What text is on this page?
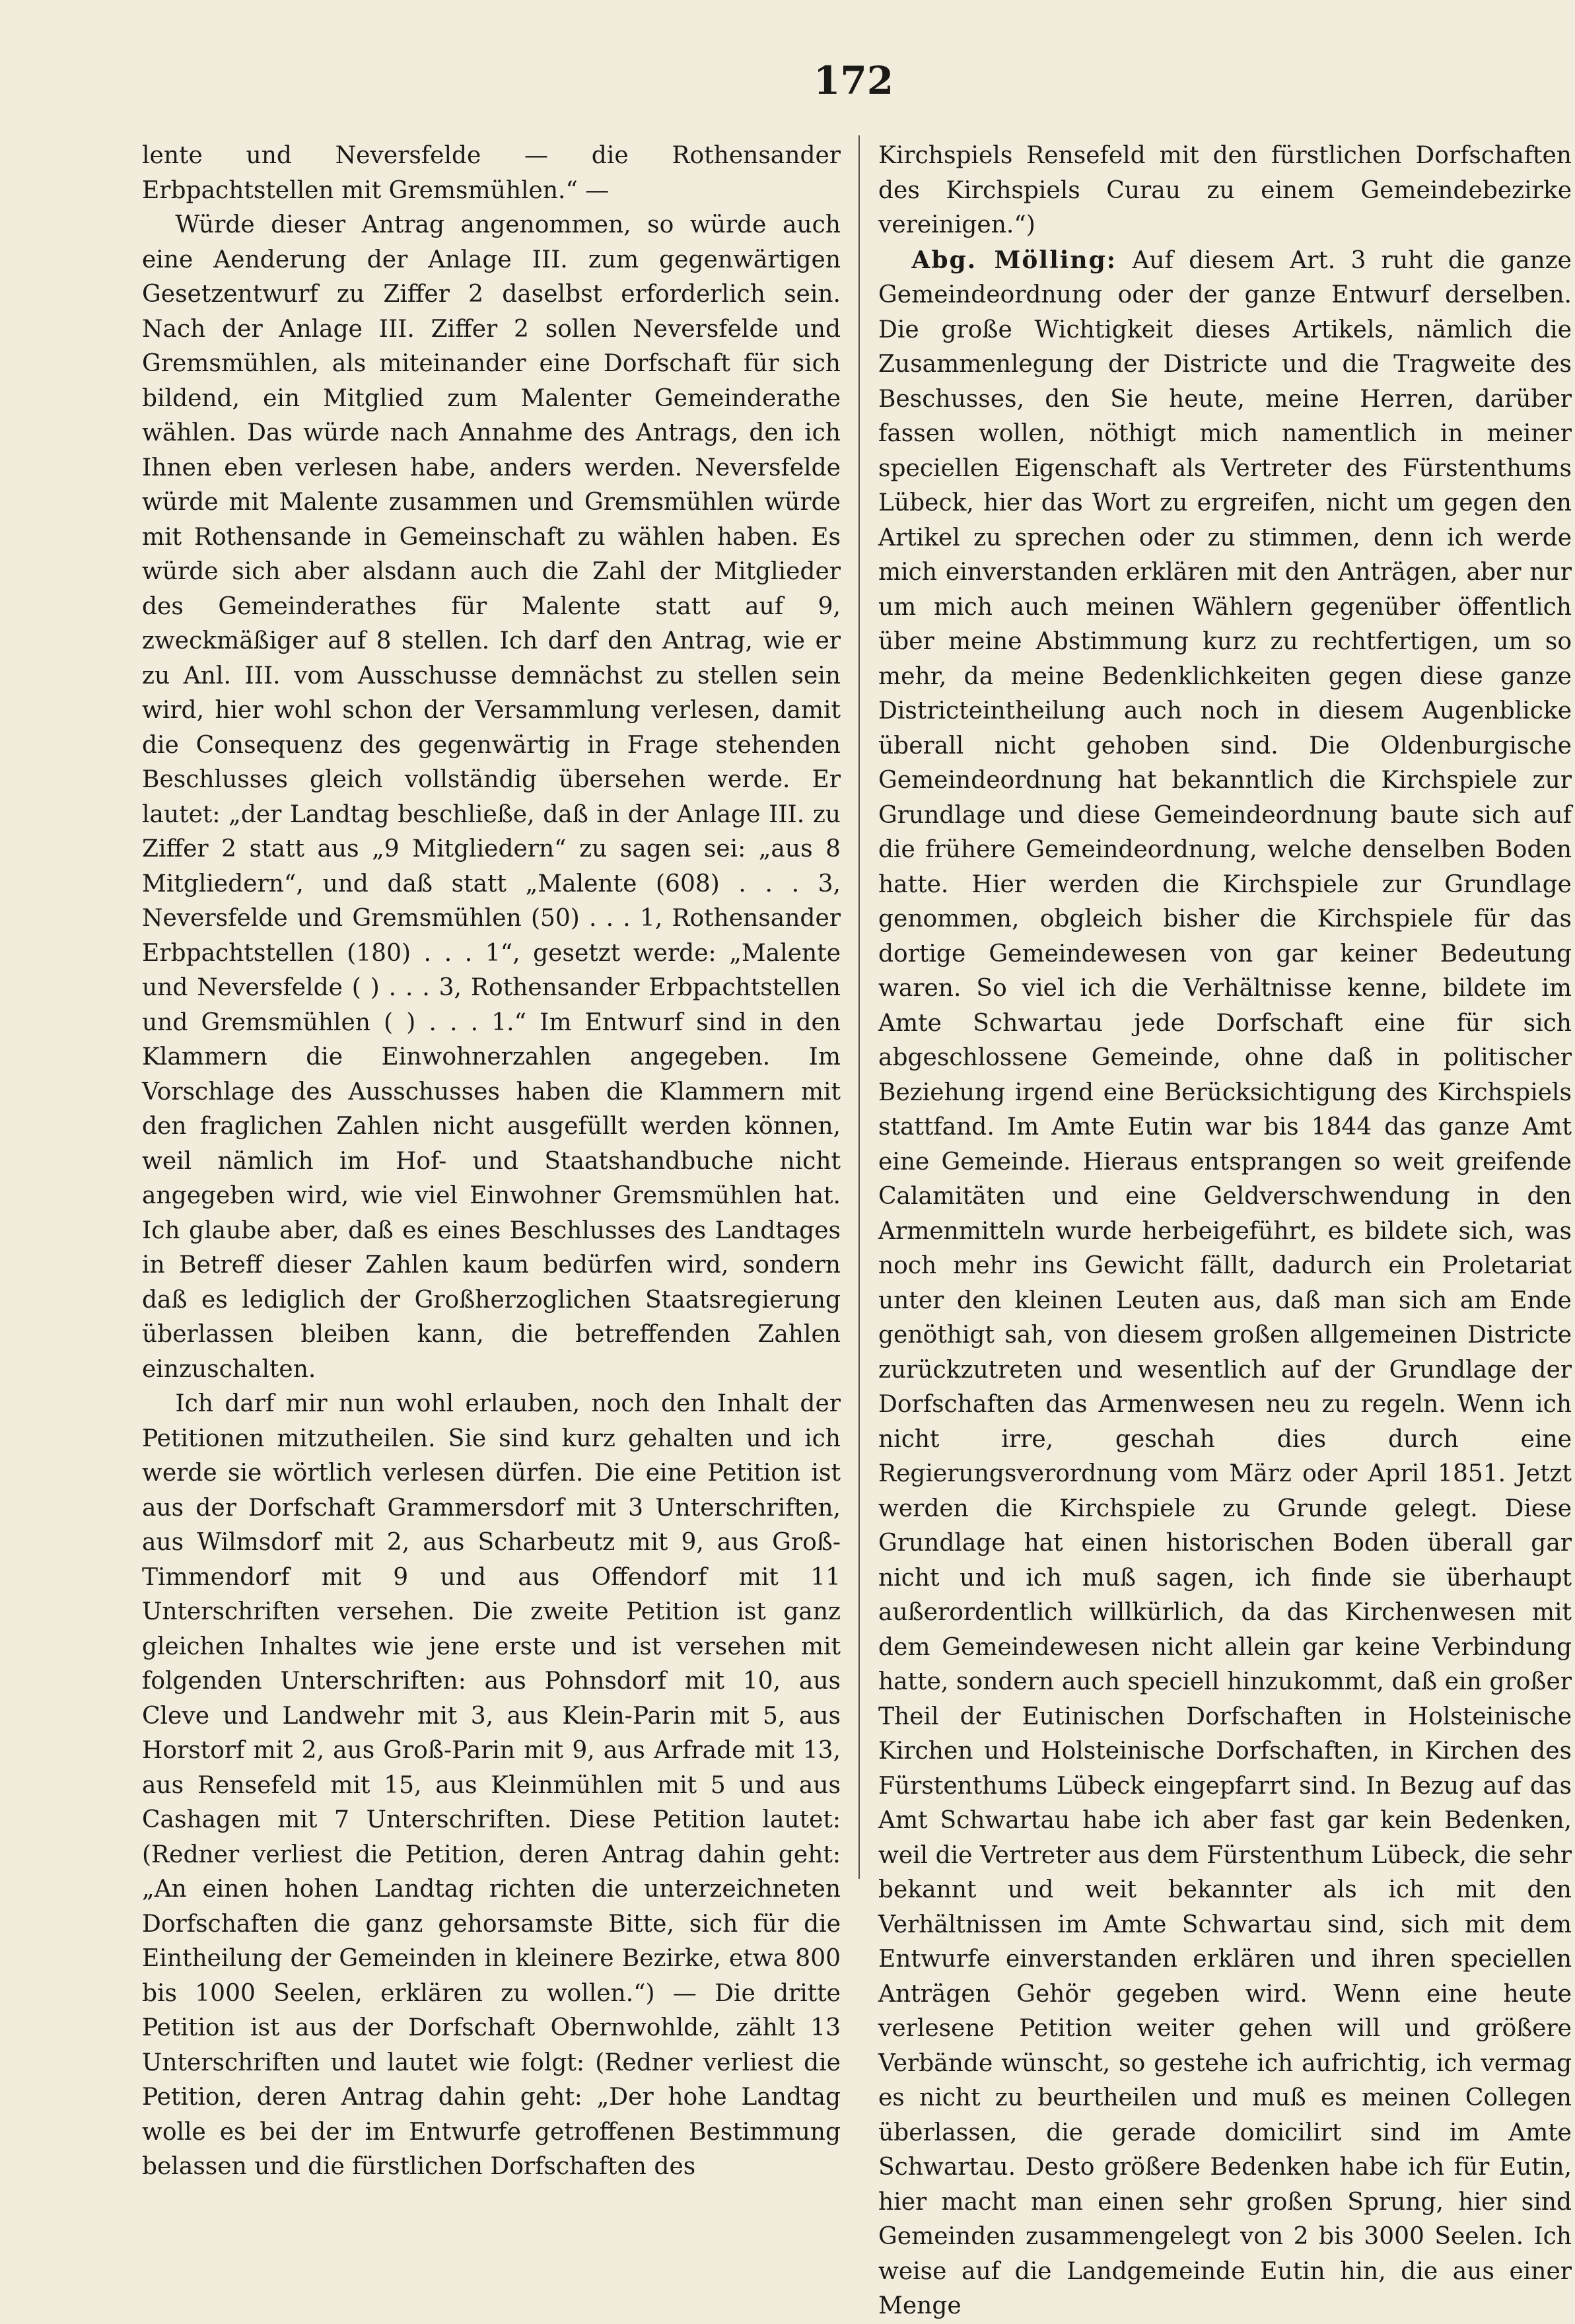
172

lente und Neversfelde — die Rothensander Erbpachtstellen mit Gremsmühlen.“ —

Würde dieser Antrag angenommen, so würde auch eine Aenderung der Anlage III. zum gegenwärtigen Gesetzentwurf zu Ziffer 2 daselbst erforderlich sein. Nach der Anlage III. Ziffer 2 sollen Neversfelde und Gremsmühlen, als miteinander eine Dorfschaft für sich bildend, ein Mitglied zum Malenter Gemeinderathe wählen. Das würde nach Annahme des Antrags, den ich Ihnen eben verlesen habe, anders werden. Neversfelde würde mit Malente zusammen und Gremsmühlen würde mit Rothensande in Gemeinschaft zu wählen haben. Es würde sich aber alsdann auch die Zahl der Mitglieder des Gemeinderathes für Malente statt auf 9, zweckmäßiger auf 8 stellen. Ich darf den Antrag, wie er zu Anl. III. vom Ausschusse demnächst zu stellen sein wird, hier wohl schon der Versammlung verlesen, damit die Consequenz des gegenwärtig in Frage stehenden Beschlusses gleich vollständig übersehen werde. Er lautet: „der Landtag beschließe, daß in der Anlage III. zu Ziffer 2 statt aus „9 Mitgliedern“ zu sagen sei: „aus 8 Mitgliedern“, und daß statt „Malente (608) . . . 3, Neversfelde und Gremsmühlen (50) . . . 1, Rothensander Erbpachtstellen (180) . . . 1“, gesetzt werde: „Malente und Neversfelde ( ) . . . 3, Rothensander Erbpachtstellen und Gremsmühlen ( ) . . . 1.“ Im Entwurf sind in den Klammern die Einwohnerzahlen angegeben. Im Vorschlage des Ausschusses haben die Klammern mit den fraglichen Zahlen nicht ausgefüllt werden können, weil nämlich im Hof- und Staatshandbuche nicht angegeben wird, wie viel Einwohner Gremsmühlen hat. Ich glaube aber, daß es eines Beschlusses des Landtages in Betreff dieser Zahlen kaum bedürfen wird, sondern daß es lediglich der Großherzoglichen Staatsregierung überlassen bleiben kann, die betreffenden Zahlen einzuschalten.

Ich darf mir nun wohl erlauben, noch den Inhalt der Petitionen mitzutheilen. Sie sind kurz gehalten und ich werde sie wörtlich verlesen dürfen. Die eine Petition ist aus der Dorfschaft Grammersdorf mit 3 Unterschriften, aus Wilmsdorf mit 2, aus Scharbeutz mit 9, aus Groß-Timmendorf mit 9 und aus Offendorf mit 11 Unterschriften versehen. Die zweite Petition ist ganz gleichen Inhaltes wie jene erste und ist versehen mit folgenden Unterschriften: aus Pohnsdorf mit 10, aus Cleve und Landwehr mit 3, aus Klein-Parin mit 5, aus Horstorf mit 2, aus Groß-Parin mit 9, aus Arfrade mit 13, aus Rensefeld mit 15, aus Kleinmühlen mit 5 und aus Cashagen mit 7 Unterschriften. Diese Petition lautet: (Redner verliest die Petition, deren Antrag dahin geht: „An einen hohen Landtag richten die unterzeichneten Dorfschaften die ganz gehorsamste Bitte, sich für die Eintheilung der Gemeinden in kleinere Bezirke, etwa 800 bis 1000 Seelen, erklären zu wollen.“) — Die dritte Petition ist aus der Dorfschaft Obernwohlde, zählt 13 Unterschriften und lautet wie folgt: (Redner verliest die Petition, deren Antrag dahin geht: „Der hohe Landtag wolle es bei der im Entwurfe getroffenen Bestimmung belassen und die fürstlichen Dorfschaften des

Kirchspiels Rensefeld mit den fürstlichen Dorfschaften des Kirchspiels Curau zu einem Gemeindebezirke vereinigen.“)

Abg. Mölling: Auf diesem Art. 3 ruht die ganze Gemeindeordnung oder der ganze Entwurf derselben. Die große Wichtigkeit dieses Artikels, nämlich die Zusammenlegung der Districte und die Tragweite des Beschusses, den Sie heute, meine Herren, darüber fassen wollen, nöthigt mich namentlich in meiner speciellen Eigenschaft als Vertreter des Fürstenthums Lübeck, hier das Wort zu ergreifen, nicht um gegen den Artikel zu sprechen oder zu stimmen, denn ich werde mich einverstanden erklären mit den Anträgen, aber nur um mich auch meinen Wählern gegenüber öffentlich über meine Abstimmung kurz zu rechtfertigen, um so mehr, da meine Bedenklichkeiten gegen diese ganze Districteintheilung auch noch in diesem Augenblicke überall nicht gehoben sind. Die Oldenburgische Gemeindeordnung hat bekanntlich die Kirchspiele zur Grundlage und diese Gemeindeordnung baute sich auf die frühere Gemeindeordnung, welche denselben Boden hatte. Hier werden die Kirchspiele zur Grundlage genommen, obgleich bisher die Kirchspiele für das dortige Gemeindewesen von gar keiner Bedeutung waren. So viel ich die Verhältnisse kenne, bildete im Amte Schwartau jede Dorfschaft eine für sich abgeschlossene Gemeinde, ohne daß in politischer Beziehung irgend eine Berücksichtigung des Kirchspiels stattfand. Im Amte Eutin war bis 1844 das ganze Amt eine Gemeinde. Hieraus entsprangen so weit greifende Calamitäten und eine Geldverschwendung in den Armenmitteln wurde herbeigeführt, es bildete sich, was noch mehr ins Gewicht fällt, dadurch ein Proletariat unter den kleinen Leuten aus, daß man sich am Ende genöthigt sah, von diesem großen allgemeinen Districte zurückzutreten und wesentlich auf der Grundlage der Dorfschaften das Armenwesen neu zu regeln. Wenn ich nicht irre, geschah dies durch eine Regierungsverordnung vom März oder April 1851. Jetzt werden die Kirchspiele zu Grunde gelegt. Diese Grundlage hat einen historischen Boden überall gar nicht und ich muß sagen, ich finde sie überhaupt außerordentlich willkürlich, da das Kirchenwesen mit dem Gemeindewesen nicht allein gar keine Verbindung hatte, sondern auch speciell hinzukommt, daß ein großer Theil der Eutinischen Dorfschaften in Holsteinische Kirchen und Holsteinische Dorfschaften, in Kirchen des Fürstenthums Lübeck eingepfarrt sind. In Bezug auf das Amt Schwartau habe ich aber fast gar kein Bedenken, weil die Vertreter aus dem Fürstenthum Lübeck, die sehr bekannt und weit bekannter als ich mit den Verhältnissen im Amte Schwartau sind, sich mit dem Entwurfe einverstanden erklären und ihren speciellen Anträgen Gehör gegeben wird. Wenn eine heute verlesene Petition weiter gehen will und größere Verbände wünscht, so gestehe ich aufrichtig, ich vermag es nicht zu beurtheilen und muß es meinen Collegen überlassen, die gerade domicilirt sind im Amte Schwartau. Desto größere Bedenken habe ich für Eutin, hier macht man einen sehr großen Sprung, hier sind Gemeinden zusammengelegt von 2 bis 3000 Seelen. Ich weise auf die Landgemeinde Eutin hin, die aus einer Menge
